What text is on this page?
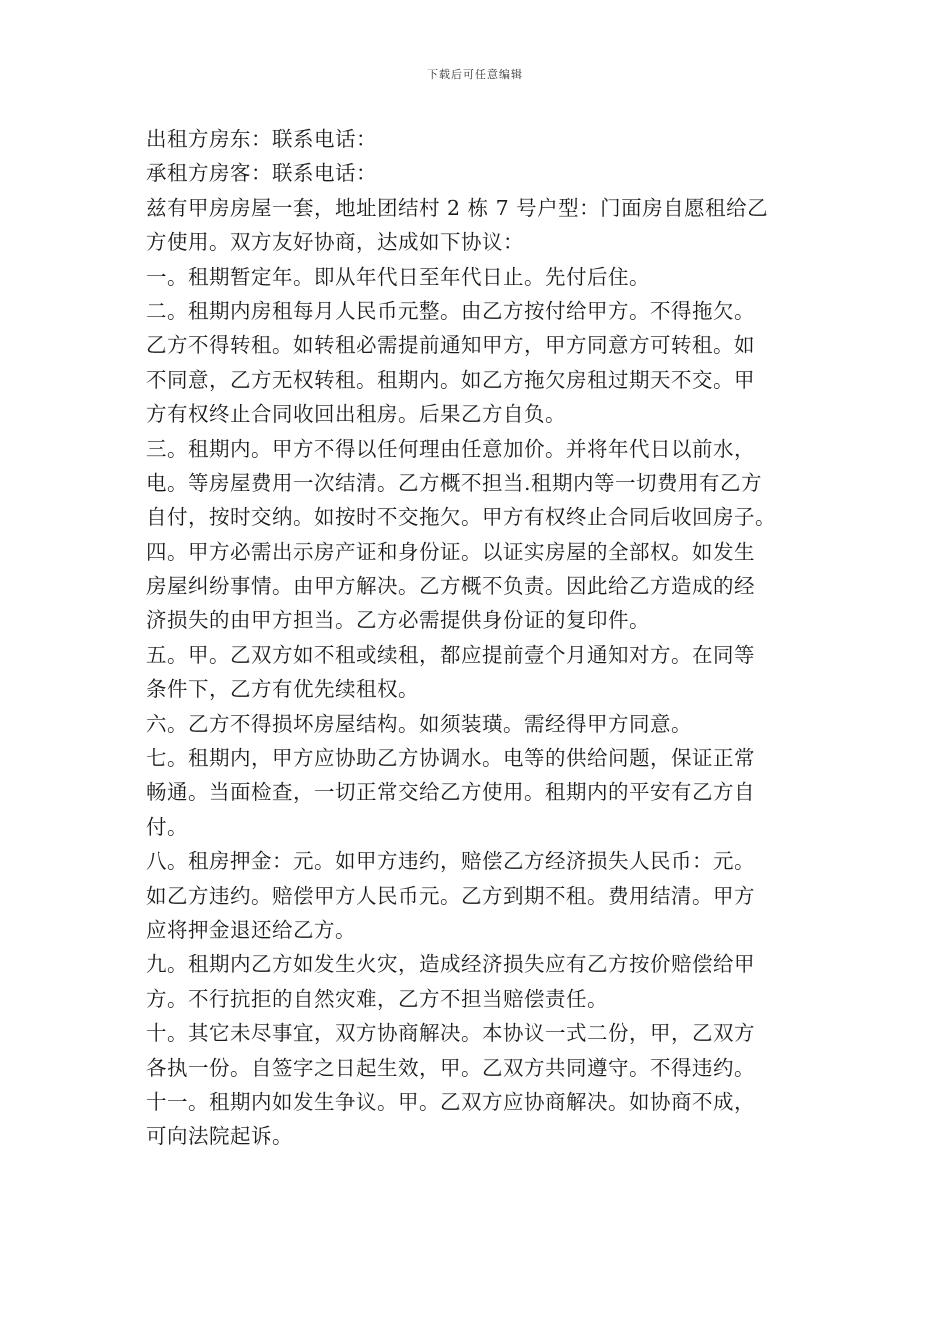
下载后可任意编辑
出租方房东：联系电话：
承租方房客：联系电话：
兹有甲房房屋一套，地址团结村 2 栋 7 号户型：门面房自愿租给乙
方使用。双方友好协商，达成如下协议：
一。租期暂定年。即从年代日至年代日止。先付后住。
二。租期内房租每月人民币元整。由乙方按付给甲方。不得拖欠。
乙方不得转租。如转租必需提前通知甲方，甲方同意方可转租。如
不同意，乙方无权转租。租期内。如乙方拖欠房租过期天不交。甲
方有权终止合同收回出租房。后果乙方自负。
三。租期内。甲方不得以任何理由任意加价。并将年代日以前水，
电。等房屋费用一次结清。乙方概不担当.租期内等一切费用有乙方
自付，按时交纳。如按时不交拖欠。甲方有权终止合同后收回房子。
四。甲方必需出示房产证和身份证。以证实房屋的全部权。如发生
房屋纠纷事情。由甲方解决。乙方概不负责。因此给乙方造成的经
济损失的由甲方担当。乙方必需提供身份证的复印件。
五。甲。乙双方如不租或续租，都应提前壹个月通知对方。在同等
条件下，乙方有优先续租权。
六。乙方不得损坏房屋结构。如须装璜。需经得甲方同意。
七。租期内，甲方应协助乙方协调水。电等的供给问题，保证正常
畅通。当面检查，一切正常交给乙方使用。租期内的平安有乙方自
付。
八。租房押金：元。如甲方违约，赔偿乙方经济损失人民币：元。
如乙方违约。赔偿甲方人民币元。乙方到期不租。费用结清。甲方
应将押金退还给乙方。
九。租期内乙方如发生火灾，造成经济损失应有乙方按价赔偿给甲
方。不行抗拒的自然灾难，乙方不担当赔偿责任。
十。其它未尽事宜，双方协商解决。本协议一式二份，甲，乙双方
各执一份。自签字之日起生效，甲。乙双方共同遵守。不得违约。
十一。租期内如发生争议。甲。乙双方应协商解决。如协商不成，
可向法院起诉。
